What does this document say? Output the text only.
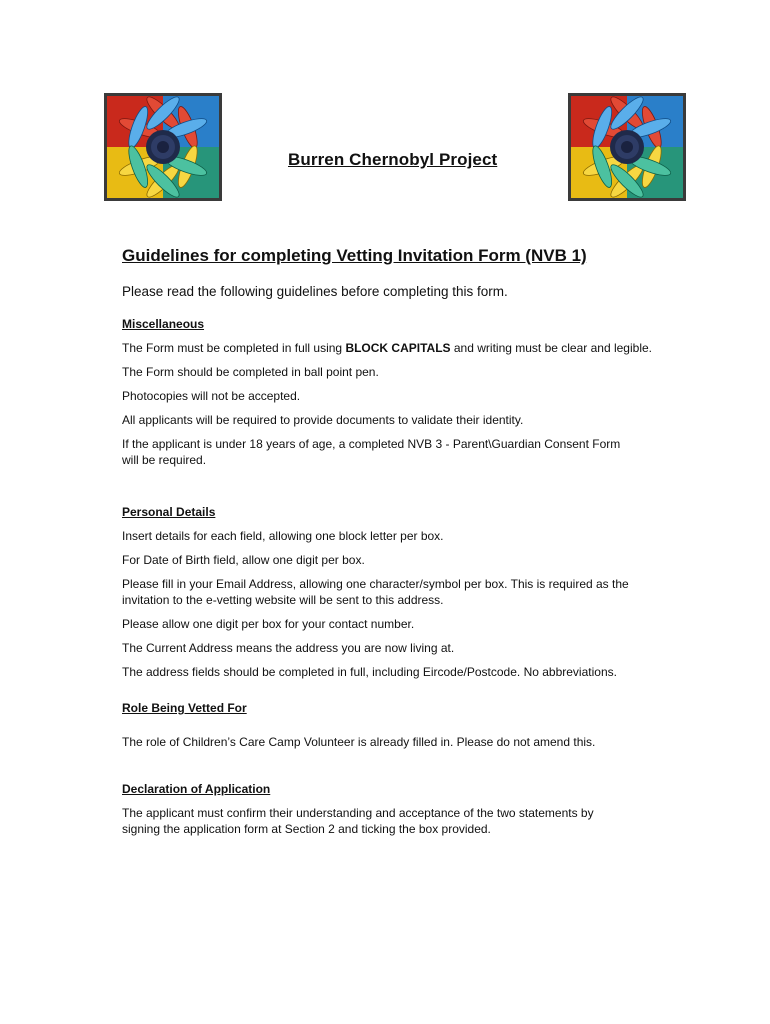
Burren Chernobyl Project
Guidelines for completing Vetting Invitation Form (NVB 1)
Please read the following guidelines before completing this form.
Miscellaneous

The Form must be completed in full using BLOCK CAPITALS and writing must be clear and legible.

The Form should be completed in ball point pen.

Photocopies will not be accepted.

All applicants will be required to provide documents to validate their identity.

If the applicant is under 18 years of age, a completed NVB 3 - Parent\Guardian Consent Form will be required.

Personal Details

Insert details for each field, allowing one block letter per box.

For Date of Birth field, allow one digit per box.

Please fill in your Email Address, allowing one character/symbol per box. This is required as the invitation to the e-vetting website will be sent to this address.

Please allow one digit per box for your contact number.

The Current Address means the address you are now living at.

The address fields should be completed in full, including Eircode/Postcode. No abbreviations.

Role Being Vetted For

The role of Children’s Care Camp Volunteer is already filled in. Please do not amend this.

Declaration of Application

The applicant must confirm their understanding and acceptance of the two statements by signing the application form at Section 2 and ticking the box provided.
